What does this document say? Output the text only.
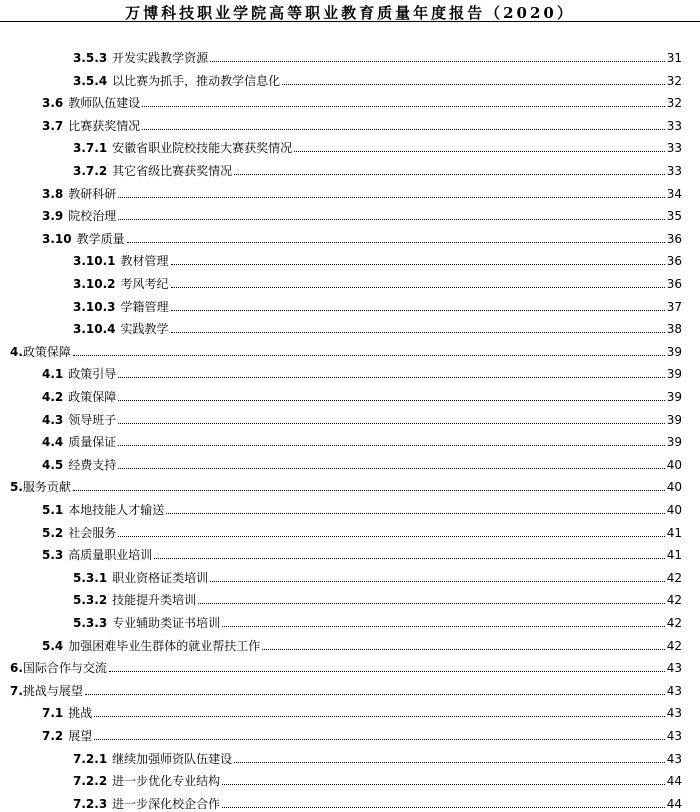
万博科技职业学院高等职业教育质量年度报告（2020）
3.5.3 开发实践教学资源	31
3.5.4 以比赛为抓手，推动教学信息化	32
3.6 教师队伍建设	32
3.7 比赛获奖情况	33
3.7.1 安徽省职业院校技能大赛获奖情况	33
3.7.2 其它省级比赛获奖情况	33
3.8 教研科研	34
3.9 院校治理	35
3.10 教学质量	36
3.10.1 教材管理	36
3.10.2 考风考纪	36
3.10.3 学籍管理	37
3.10.4 实践教学	38
4. 政策保障	39
4.1 政策引导	39
4.2 政策保障	39
4.3 领导班子	39
4.4 质量保证	39
4.5 经费支持	40
5. 服务贡献	40
5.1 本地技能人才输送	40
5.2 社会服务	41
5.3 高质量职业培训	41
5.3.1 职业资格证类培训	42
5.3.2 技能提升类培训	42
5.3.3 专业辅助类证书培训	42
5.4 加强困难毕业生群体的就业帮扶工作	42
6. 国际合作与交流	43
7. 挑战与展望	43
7.1 挑战	43
7.2 展望	43
7.2.1 继续加强师资队伍建设	43
7.2.2 进一步优化专业结构	44
7.2.3 进一步深化校企合作	44
